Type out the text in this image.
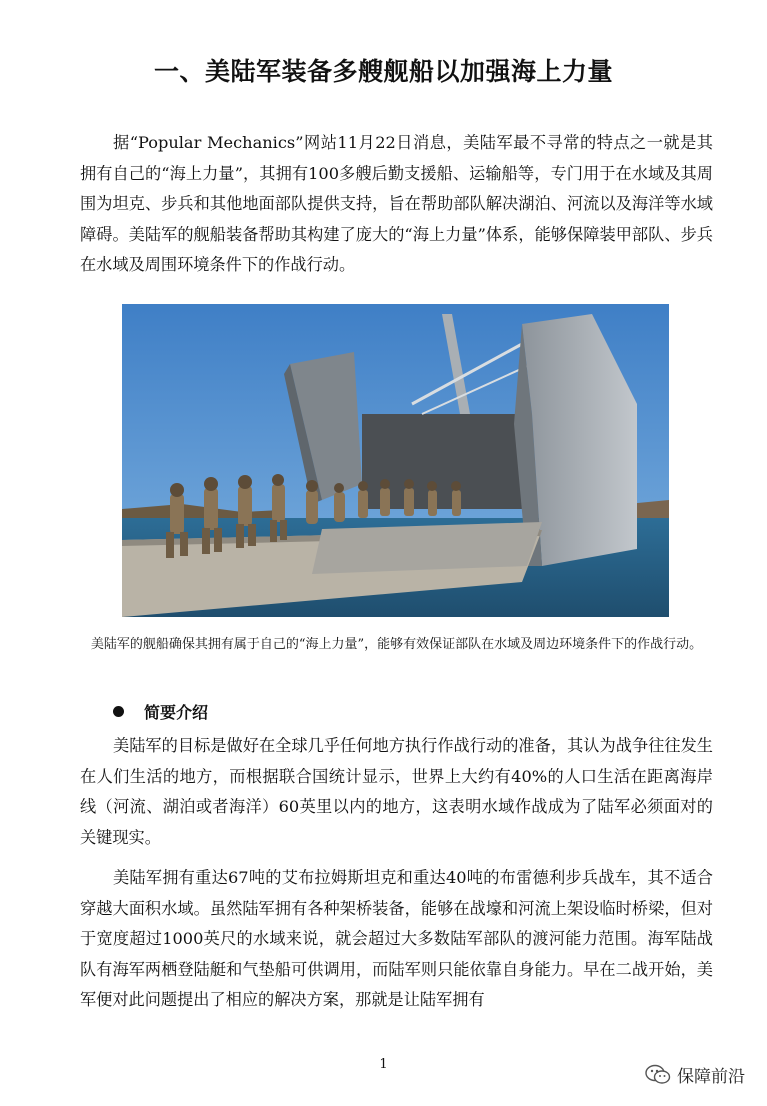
一、美陆军装备多艘舰船以加强海上力量

据“Popular Mechanics”网站11月22日消息，美陆军最不寻常的特点之一就是其拥有自己的“海上力量”，其拥有100多艘后勤支援船、运输船等，专门用于在水域及其周围为坦克、步兵和其他地面部队提供支持，旨在帮助部队解决湖泊、河流以及海洋等水域障碍。美陆军的舰船装备帮助其构建了庞大的“海上力量”体系，能够保障装甲部队、步兵在水域及周围环境条件下的作战行动。

美陆军的舰船确保其拥有属于自己的“海上力量”，能够有效保证部队在水域及周边环境条件下的作战行动。
简要介绍

美陆军的目标是做好在全球几乎任何地方执行作战行动的准备，其认为战争往往发生在人们生活的地方，而根据联合国统计显示，世界上大约有40%的人口生活在距离海岸线（河流、湖泊或者海洋）60英里以内的地方，这表明水域作战成为了陆军必须面对的关键现实。

美陆军拥有重达67吨的艾布拉姆斯坦克和重达40吨的布雷德利步兵战车，其不适合穿越大面积水域。虽然陆军拥有各种架桥装备，能够在战壕和河流上架设临时桥梁，但对于宽度超过1000英尺的水域来说，就会超过大多数陆军部队的渡河能力范围。海军陆战队有海军两栖登陆艇和气垫船可供调用，而陆军则只能依靠自身能力。早在二战开始，美军便对此问题提出了相应的解决方案，那就是让陆军拥有

1
保障前沿
